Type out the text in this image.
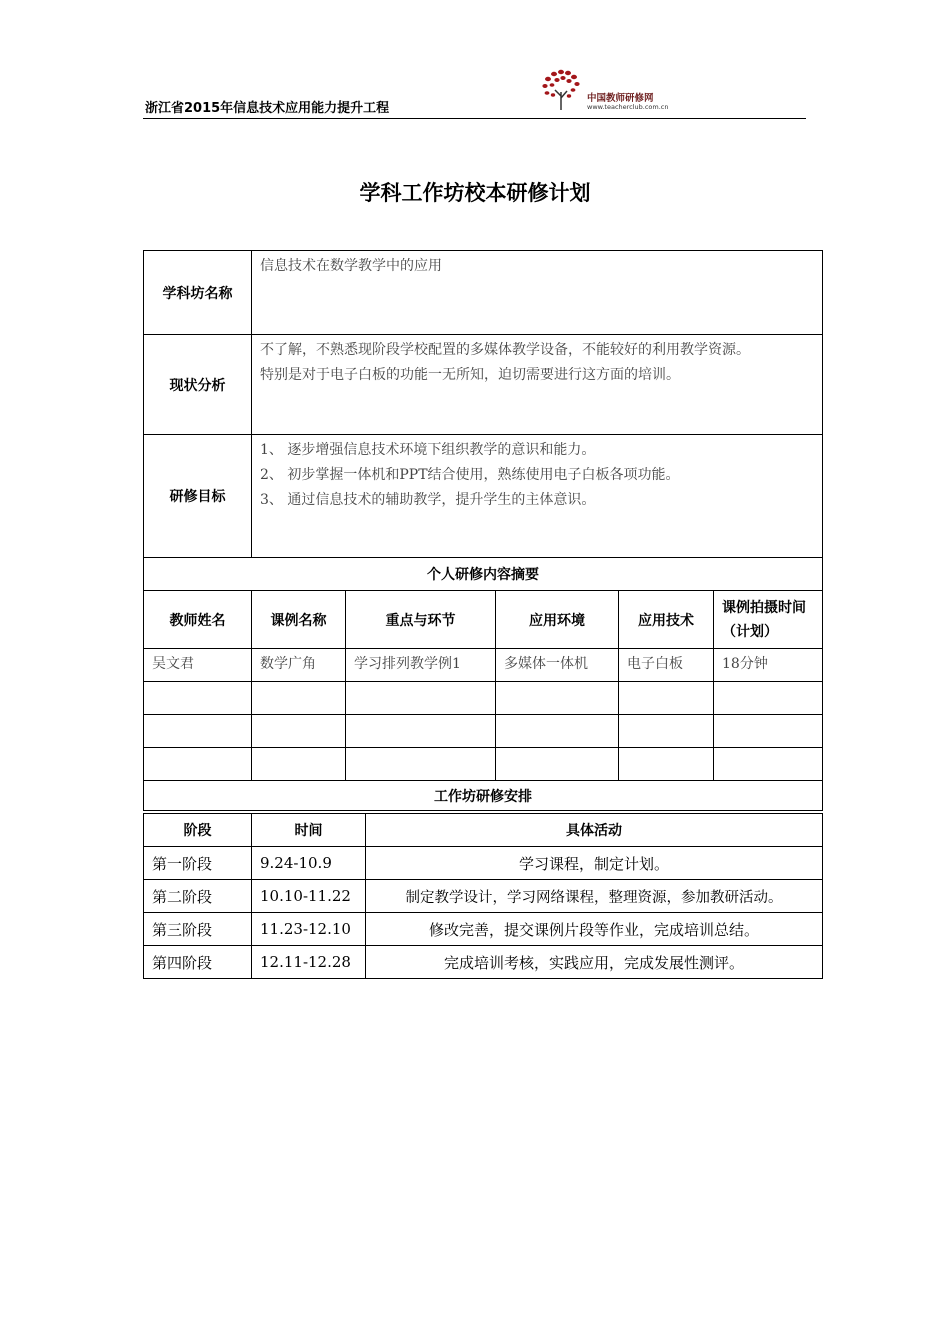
浙江省2015年信息技术应用能力提升工程
中国教师研修网
www.teacherclub.com.cn
学科工作坊校本研修计划
学科坊名称	信息技术在数学教学中的应用				
现状分析	不了解，不熟悉现阶段学校配置的多媒体教学设备，不能较好的利用教学资源。
特别是对于电子白板的功能一无所知，迫切需要进行这方面的培训。				

研修目标	1、 逐步增强信息技术环境下组织教学的意识和能力。
2、 初步掌握一体机和PPT结合使用，熟练使用电子白板各项功能。
3、 通过信息技术的辅助教学，提升学生的主体意识。				

个人研修内容摘要					
教师姓名	课例名称	重点与环节	应用环境	应用技术	课例拍摄时间（计划）
吴文君	数学广角	学习排列教学例1	多媒体一体机	电子白板	18分钟

工作坊研修安排					
阶段	时间	具体活动
第一阶段	9.24-10.9	学习课程，制定计划。
第二阶段	10.10-11.22	制定教学设计，学习网络课程，整理资源，参加教研活动。
第三阶段	11.23-12.10	修改完善，提交课例片段等作业，完成培训总结。
第四阶段	12.11-12.28	完成培训考核，实践应用，完成发展性测评。
